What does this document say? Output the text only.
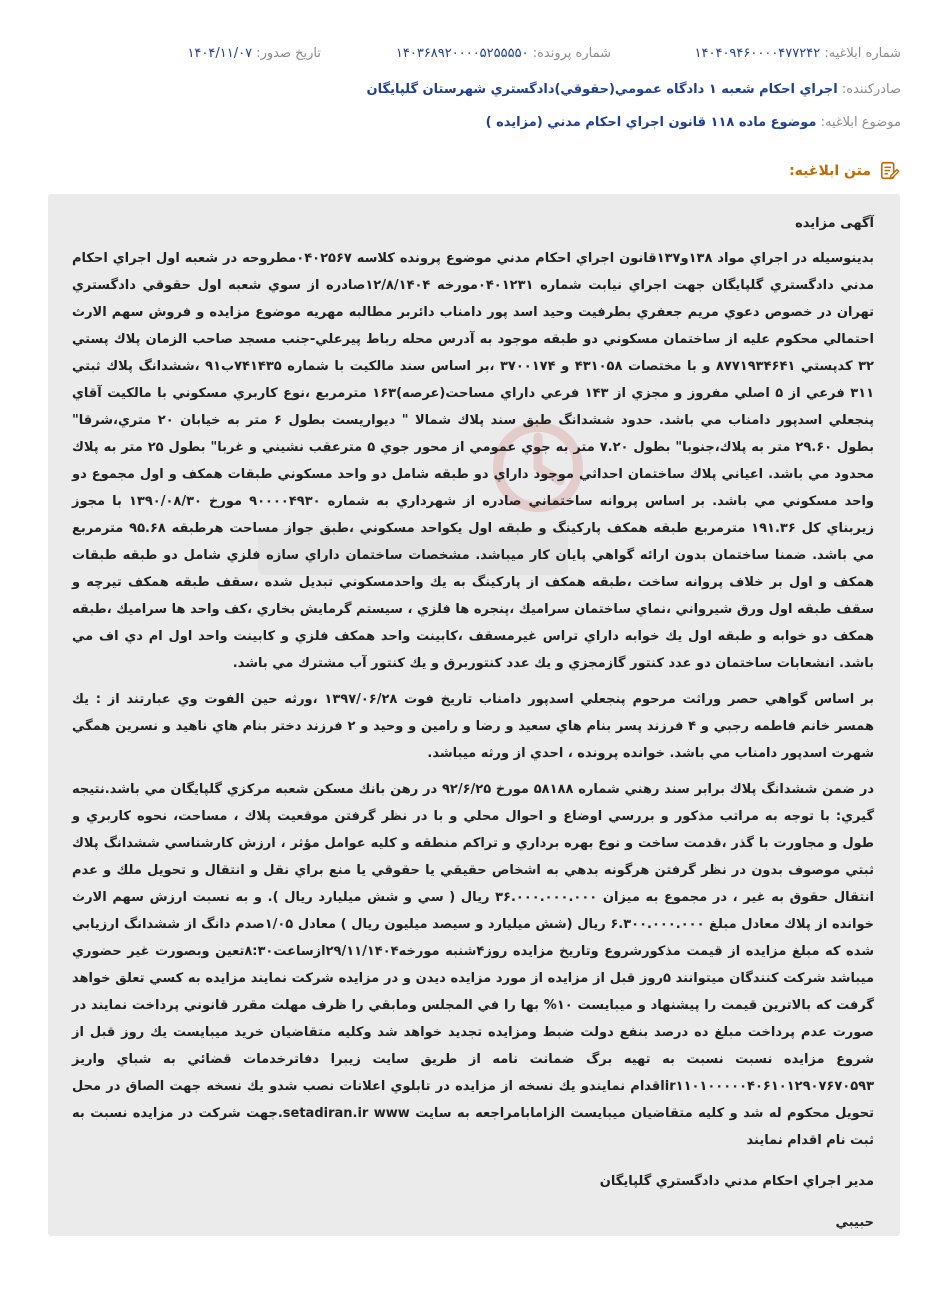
شماره ابلاغیه: ۱۴۰۴۰۹۴۶۰۰۰۰۴۷۷۲۴۲
شماره پرونده: ۱۴۰۳۶۸۹۲۰۰۰۰۵۲۵۵۵۵۰
تاریخ صدور: ۱۴۰۴/۱۱/۰۷
صادرکننده: اجراي احكام شعبه ۱ دادگاه عمومي(حقوقي)دادگستري شهرستان گلپايگان
موضوع ابلاغیه: موضوع ماده ۱۱۸ قانون اجراي احكام مدني (مزايده )
متن ابلاغیه:

آگهی مزایده

بدينوسيله در اجراي مواد ۱۳۸و۱۳۷قانون اجراي احكام مدني موضوع پرونده كلاسه ۰۴۰۲۵۶۷مطروحه در شعبه اول اجراي احكام مدني دادگستري گلپايگان جهت اجراي نيابت شماره ۰۴۰۱۲۳۱مورخه ۱۲/۸/۱۴۰۴صادره از سوي شعبه اول حقوقي دادگستري تهران در خصوص دعوي مريم جعفري بطرفيت وحيد اسد پور دامناب دائربر مطالبه مهريه موضوع مزايده و فروش سهم الارث احتمالي محكوم عليه از ساختمان مسكوني دو طبقه موجود به آدرس محله رباط پيرعلي-جنب مسجد صاحب الزمان پلاك پستي ۳۲ كدپستي ۸۷۷۱۹۳۴۶۴۱ و با مختصات ۴۳۱۰۵۸ و ۳۷۰۰۱۷۴ ،بر اساس سند مالكيت با شماره ۷۴۱۴۳۵ب۹۱ ،ششدانگ پلاك ثبتي ۳۱۱ فرعي از ۵ اصلي مفروز و مجزي از ۱۴۳ فرعي داراي مساحت(عرصه)۱۶۳ مترمربع ،نوع كاربري مسكوني با مالكيت آقاي پنجعلي اسدپور دامناب مي باشد. حدود ششدانگ طبق سند پلاك شمالا " ديواريست بطول ۶ متر به خيابان ۲۰ متري،شرقا" بطول ۲۹.۶۰ متر به پلاك،جنوبا" بطول ۷.۲۰ متر به جوي عمومي از محور جوي ۵ مترعقب نشيني و غربا" بطول ۲۵ متر به پلاك محدود مي باشد. اعياني پلاك ساختمان احداثي موجود داراي دو طبقه شامل دو واحد مسكوني طبقات همكف و اول مجموع دو واحد مسكوني مي باشد. بر اساس پروانه ساختماني صادره از شهرداري به شماره ۹۰۰۰۰۴۹۳۰ مورخ ۱۳۹۰/۰۸/۳۰ با مجوز زيربناي كل ۱۹۱.۳۶ مترمربع طبقه همكف پاركينگ و طبقه اول يكواحد مسكوني ،طبق جواز مساحت هرطبقه ۹۵.۶۸ مترمربع مي باشد. ضمنا ساختمان بدون ارائه گواهي پايان كار ميباشد. مشخصات ساختمان داراي سازه فلزي شامل دو طبقه طبقات همكف و اول بر خلاف پروانه ساخت ،طبقه همكف از پاركينگ به يك واحدمسكوني تبديل شده ،سقف طبقه همكف تيرچه و سقف طبقه اول ورق شيرواني ،نماي ساختمان سراميك ،پنجره ها فلزي ، سيستم گرمايش بخاري ،كف واحد ها سراميك ،طبقه همكف دو خوابه و طبقه اول يك خوابه داراي تراس غيرمسقف ،كابينت واحد همكف فلزي و كابينت واحد اول ام دي اف مي باشد. انشعابات ساختمان دو عدد كنتور گازمجزي و يك عدد كنتوربرق و يك كنتور آب مشترك مي باشد.

بر اساس گواهي حصر وراثت مرحوم پنجعلي اسدپور دامناب تاريخ فوت ۱۳۹۷/۰۶/۲۸ ،ورثه حين الفوت وي عبارتند از : يك همسر خانم فاطمه رجبي و ۴ فرزند پسر بنام هاي سعيد و رضا و رامين و وحيد و ۲ فرزند دختر بنام هاي ناهيد و نسرين همگي شهرت اسدپور دامناب مي باشد. خوانده پرونده ، احدي از ورثه ميباشد.

در ضمن ششدانگ پلاك برابر سند رهني شماره ۵۸۱۸۸ مورخ ۹۲/۶/۲۵ در رهن بانك مسكن شعبه مركزي گلپايگان مي باشد.نتيجه گيري: با توجه به مراتب مذكور و بررسي اوضاع و احوال محلي و با در نظر گرفتن موقعيت پلاك ، مساحت، نحوه كاربري و طول و مجاورت با گذر ،قدمت ساخت و نوع بهره برداري و تراكم منطقه و كليه عوامل مؤثر ، ارزش كارشناسي ششدانگ پلاك ثبتي موصوف بدون در نظر گرفتن هرگونه بدهي به اشخاص حقيقي يا حقوقي يا منع براي نقل و انتقال و تحويل ملك و عدم انتقال حقوق به غير ، در مجموع به ميزان ۳۶.۰۰۰.۰۰۰.۰۰۰ ريال ( سي و شش ميليارد ريال ). و به نسبت ارزش سهم الارث خوانده از پلاك معادل مبلغ ۶.۳۰۰.۰۰۰.۰۰۰ ريال (شش ميليارد و سيصد ميليون ريال ) معادل ۱/۰۵صدم دانگ از ششدانگ ارزيابي شده كه مبلغ مزايده از قيمت مذكورشروع وتاريخ مزايده روز۴شنبه مورخه۲۹/۱۱/۱۴۰۴ازساعت۸:۳۰تعين وبصورت غير حضوري ميباشد شركت كنندگان ميتوانند ۵روز قبل از مزايده از مورد مزايده ديدن و در مزايده شركت نمايند مزايده به كسي تعلق خواهد گرفت كه بالاترين قيمت را پيشنهاد و ميبايست ۱۰% بها را في المجلس ومابقي را ظرف مهلت مقرر قانوني پرداخت نمايند در صورت عدم پرداخت مبلغ ده درصد بنفع دولت ضبط ومزايده تجديد خواهد شد وكليه متقاضيان خريد ميبايست يك روز قبل از شروع مزايده نسبت نسبت به تهيه برگ ضمانت نامه از طريق سايت زيبرا دفاترخدمات قضائي به شباي واريز ir۱۱۰۱۰۰۰۰۰۴۰۶۱۰۱۲۹۰۷۶۷۰۵۹۳اقدام نمايندو يك نسخه از مزايده در تابلوي اعلانات نصب شدو يك نسخه جهت الصاق در محل تحويل محكوم له شد و كليه متقاضيان ميبايست الزامابامراجعه به سايت setadiran.ir www.جهت شركت در مزايده نسبت به ثبت نام اقدام نمايند

مدير اجراي احكام مدني دادگستري گلپايگان

حبيبي
